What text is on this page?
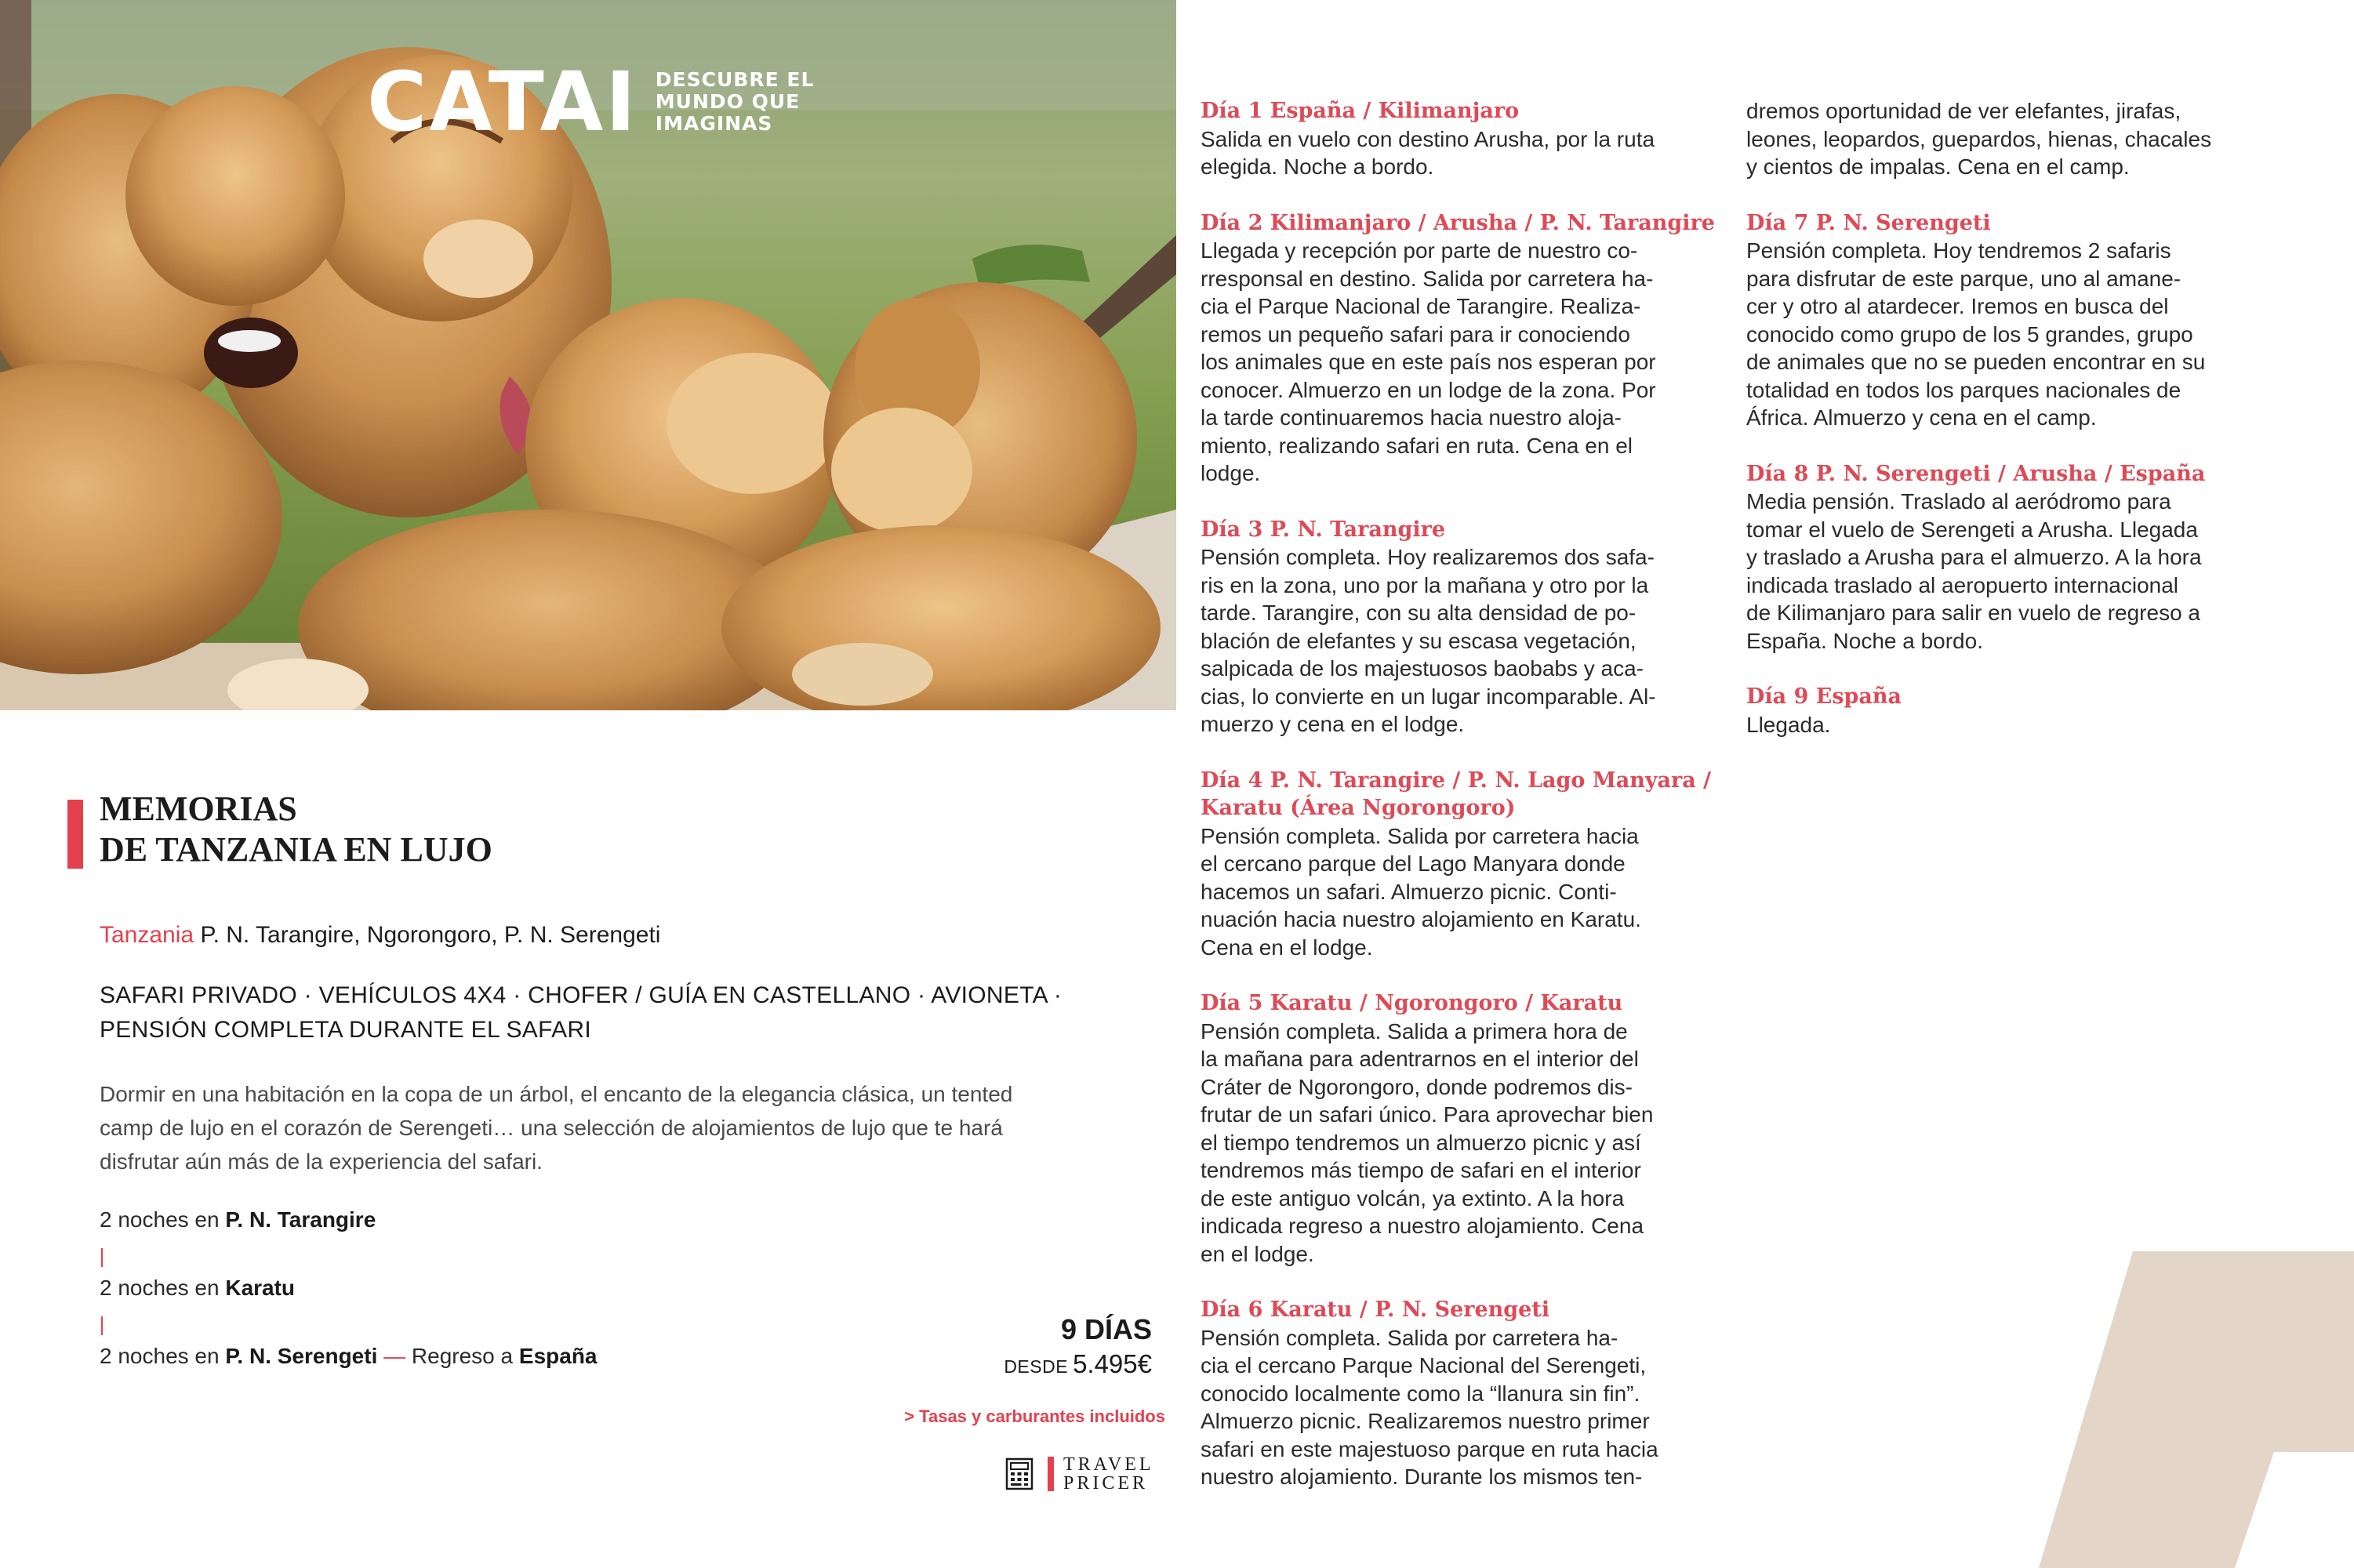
CATAI DESCUBRE EL
MUNDO QUE
IMAGINAS
MEMORIAS
DE TANZANIA EN LUJO
Tanzania P. N. Tarangire, Ngorongoro, P. N. Serengeti
SAFARI PRIVADO · VEHÍCULOS 4X4 · CHOFER / GUÍA EN CASTELLANO · AVIONETA ·
PENSIÓN COMPLETA DURANTE EL SAFARI
Dormir en una habitación en la copa de un árbol, el encanto de la elegancia clásica, un tented
camp de lujo en el corazón de Serengeti… una selección de alojamientos de lujo que te hará
disfrutar aún más de la experiencia del safari.
2 noches en P. N. Tarangire
2 noches en Karatu
2 noches en P. N. Serengeti — Regreso a España
9 DÍAS
DESDE 5.495€
> Tasas y carburantes incluidos
TRAVEL
PRICER
Día 1 España / Kilimanjaro
Salida en vuelo con destino Arusha, por la ruta
elegida. Noche a bordo.
Día 2 Kilimanjaro / Arusha / P. N. Tarangire
Llegada y recepción por parte de nuestro co-
rresponsal en destino. Salida por carretera ha-
cia el Parque Nacional de Tarangire. Realiza-
remos un pequeño safari para ir conociendo
los animales que en este país nos esperan por
conocer. Almuerzo en un lodge de la zona. Por
la tarde continuaremos hacia nuestro aloja-
miento, realizando safari en ruta. Cena en el
lodge.
Día 3 P. N. Tarangire
Pensión completa. Hoy realizaremos dos safa-
ris en la zona, uno por la mañana y otro por la
tarde. Tarangire, con su alta densidad de po-
blación de elefantes y su escasa vegetación,
salpicada de los majestuosos baobabs y aca-
cias, lo convierte en un lugar incomparable. Al-
muerzo y cena en el lodge.
Día 4 P. N. Tarangire / P. N. Lago Manyara /
Karatu (Área Ngorongoro)
Pensión completa. Salida por carretera hacia
el cercano parque del Lago Manyara donde
hacemos un safari. Almuerzo picnic. Conti-
nuación hacia nuestro alojamiento en Karatu.
Cena en el lodge.
Día 5 Karatu / Ngorongoro / Karatu
Pensión completa. Salida a primera hora de
la mañana para adentrarnos en el interior del
Cráter de Ngorongoro, donde podremos dis-
frutar de un safari único. Para aprovechar bien
el tiempo tendremos un almuerzo picnic y así
tendremos más tiempo de safari en el interior
de este antiguo volcán, ya extinto. A la hora
indicada regreso a nuestro alojamiento. Cena
en el lodge.
Día 6 Karatu / P. N. Serengeti
Pensión completa. Salida por carretera ha-
cia el cercano Parque Nacional del Serengeti,
conocido localmente como la “llanura sin fin”.
Almuerzo picnic. Realizaremos nuestro primer
safari en este majestuoso parque en ruta hacia
nuestro alojamiento. Durante los mismos ten-
dremos oportunidad de ver elefantes, jirafas,
leones, leopardos, guepardos, hienas, chacales
y cientos de impalas. Cena en el camp.
Día 7 P. N. Serengeti
Pensión completa. Hoy tendremos 2 safaris
para disfrutar de este parque, uno al amane-
cer y otro al atardecer. Iremos en busca del
conocido como grupo de los 5 grandes, grupo
de animales que no se pueden encontrar en su
totalidad en todos los parques nacionales de
África. Almuerzo y cena en el camp.
Día 8 P. N. Serengeti / Arusha / España
Media pensión. Traslado al aeródromo para
tomar el vuelo de Serengeti a Arusha. Llegada
y traslado a Arusha para el almuerzo. A la hora
indicada traslado al aeropuerto internacional
de Kilimanjaro para salir en vuelo de regreso a
España. Noche a bordo.
Día 9 España
Llegada.
